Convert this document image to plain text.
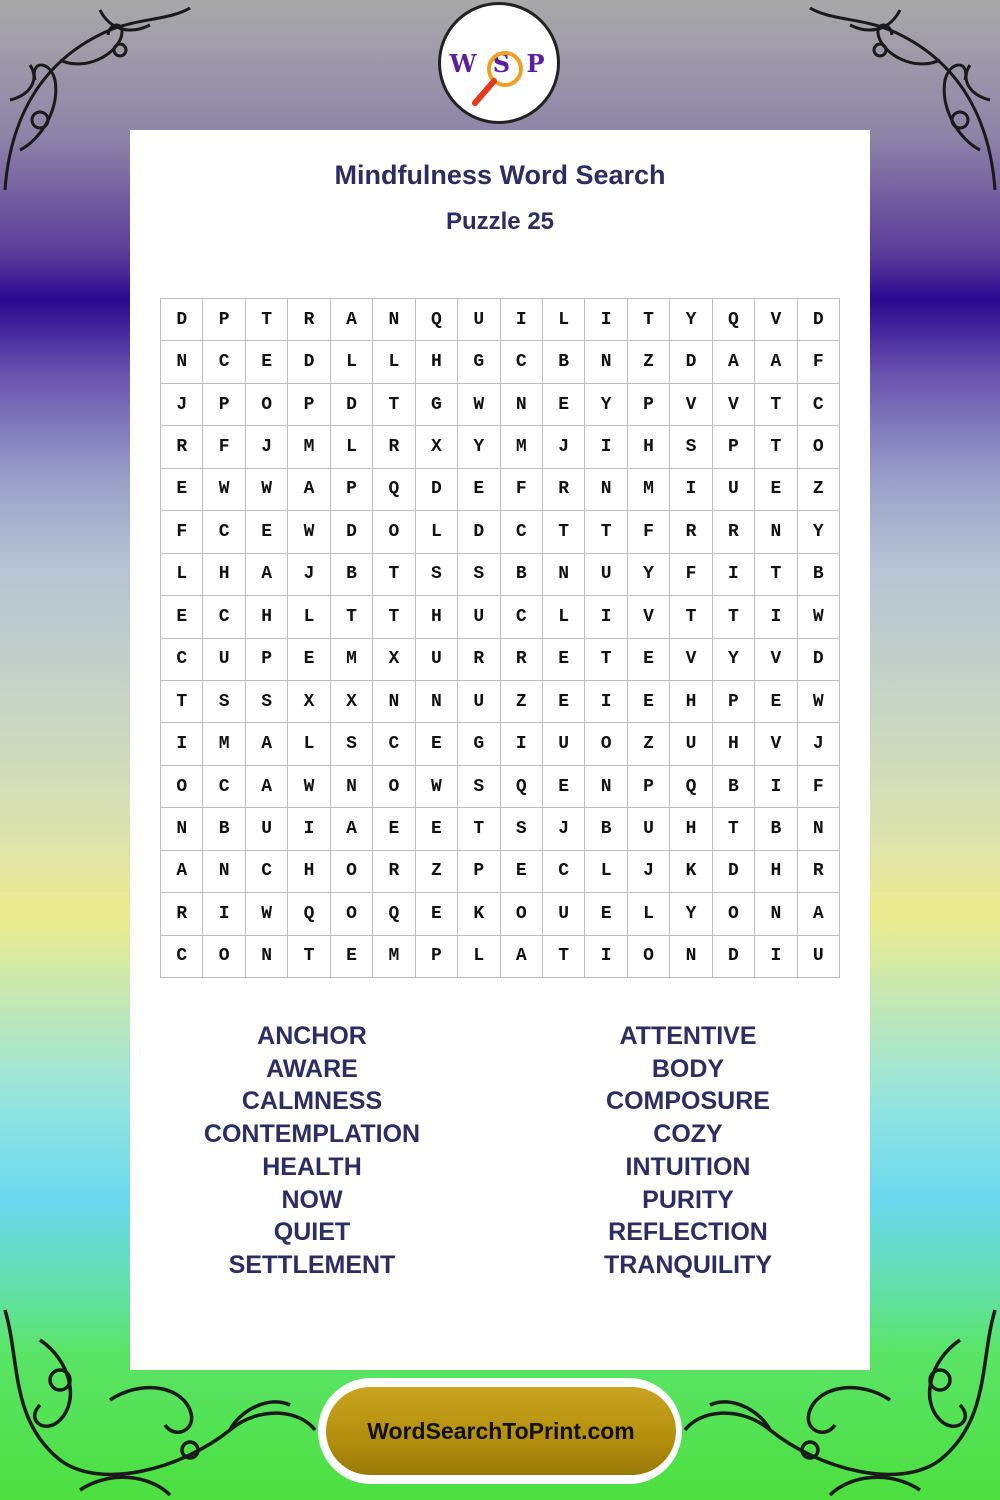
W S P
Mindfulness Word Search
Puzzle 25
D	P	T	R	A	N	Q	U	I	L	I	T	Y	Q	V	D
N	C	E	D	L	L	H	G	C	B	N	Z	D	A	A	F
J	P	O	P	D	T	G	W	N	E	Y	P	V	V	T	C
R	F	J	M	L	R	X	Y	M	J	I	H	S	P	T	O
E	W	W	A	P	Q	D	E	F	R	N	M	I	U	E	Z
F	C	E	W	D	O	L	D	C	T	T	F	R	R	N	Y
L	H	A	J	B	T	S	S	B	N	U	Y	F	I	T	B
E	C	H	L	T	T	H	U	C	L	I	V	T	T	I	W
C	U	P	E	M	X	U	R	R	E	T	E	V	Y	V	D
T	S	S	X	X	N	N	U	Z	E	I	E	H	P	E	W
I	M	A	L	S	C	E	G	I	U	O	Z	U	H	V	J
O	C	A	W	N	O	W	S	Q	E	N	P	Q	B	I	F
N	B	U	I	A	E	E	T	S	J	B	U	H	T	B	N
A	N	C	H	O	R	Z	P	E	C	L	J	K	D	H	R
R	I	W	Q	O	Q	E	K	O	U	E	L	Y	O	N	A
C	O	N	T	E	M	P	L	A	T	I	O	N	D	I	U
ANCHOR
AWARE
CALMNESS
CONTEMPLATION
HEALTH
NOW
QUIET
SETTLEMENT
ATTENTIVE
BODY
COMPOSURE
COZY
INTUITION
PURITY
REFLECTION
TRANQUILITY
WordSearchToPrint.com
